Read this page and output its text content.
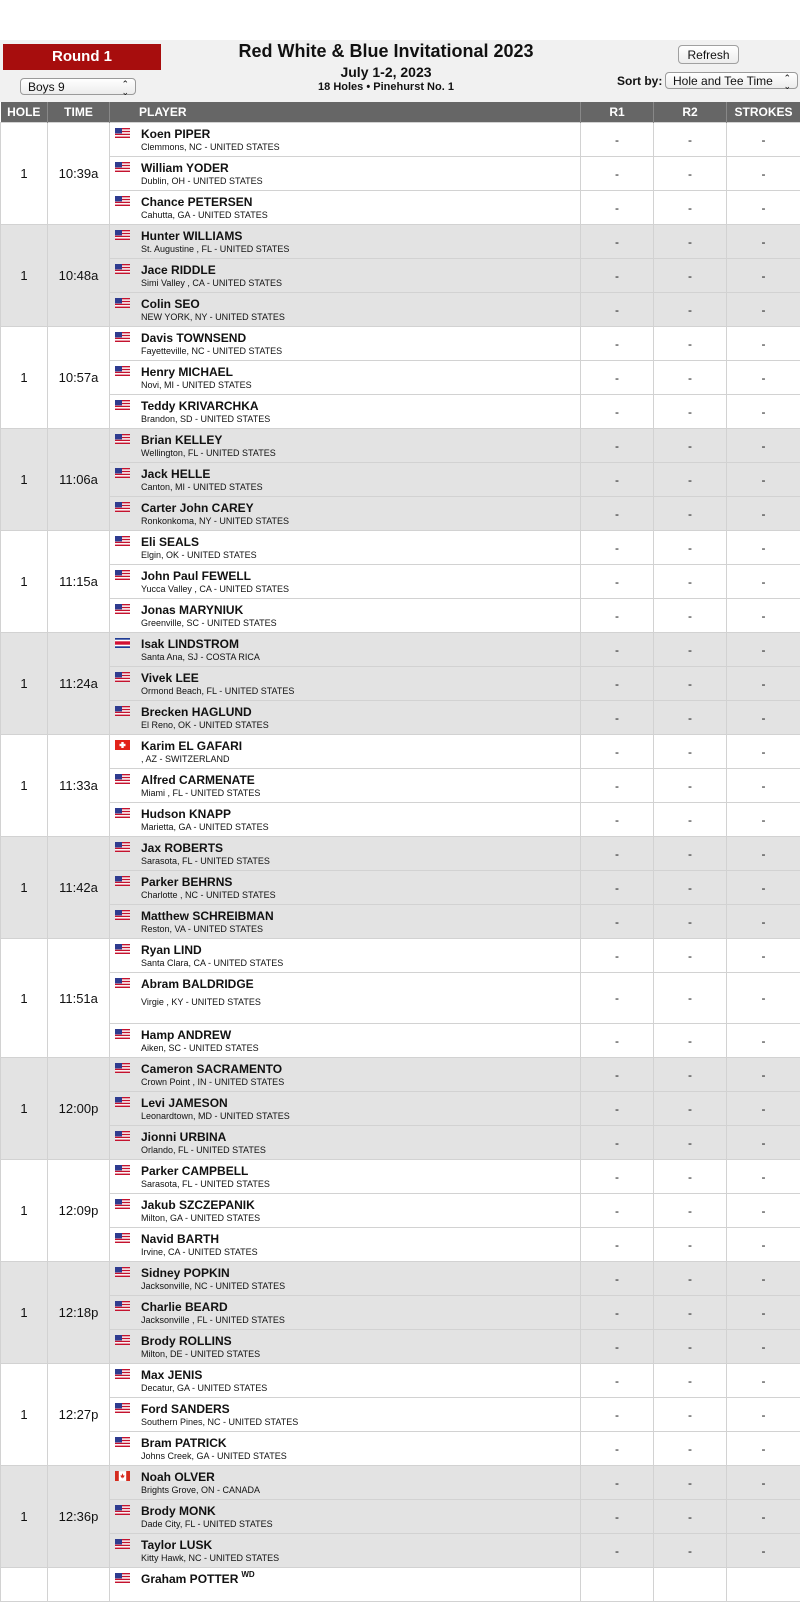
Round 1
Boys 9	⌃
⌄
Red White & Blue Invitational 2023
July 1-2, 2023
18 Holes • Pinehurst No. 1
Refresh
Sort by: Hole and Tee Time ⌃
⌄
HOLE	TIME	PLAYER	R1	R2	STROKES
1	10:39a	Koen PIPER
Clemmons, NC - UNITED STATES	-	-	-

		William YODER
Dublin, OH - UNITED STATES	-	-	-

		Chance PETERSEN
Cahutta, GA - UNITED STATES	-	-	-
1	10:48a	Hunter WILLIAMS
St. Augustine , FL - UNITED STATES	-	-	-

		Jace RIDDLE
Simi Valley , CA - UNITED STATES	-	-	-

		Colin SEO
NEW YORK, NY - UNITED STATES	-	-	-
1	10:57a	Davis TOWNSEND
Fayetteville, NC - UNITED STATES	-	-	-

		Henry MICHAEL
Novi, MI - UNITED STATES	-	-	-

		Teddy KRIVARCHKA
Brandon, SD - UNITED STATES	-	-	-
1	11:06a	Brian KELLEY
Wellington, FL - UNITED STATES	-	-	-

		Jack HELLE
Canton, MI - UNITED STATES	-	-	-

		Carter John CAREY
Ronkonkoma, NY - UNITED STATES	-	-	-
1	11:15a	Eli SEALS
Elgin, OK - UNITED STATES	-	-	-

		John Paul FEWELL
Yucca Valley , CA - UNITED STATES	-	-	-

		Jonas MARYNIUK
Greenville, SC - UNITED STATES	-	-	-
1	11:24a	Isak LINDSTROM
Santa Ana, SJ - COSTA RICA	-	-	-

		Vivek LEE
Ormond Beach, FL - UNITED STATES	-	-	-

		Brecken HAGLUND
El Reno, OK - UNITED STATES	-	-	-
1	11:33a	Karim EL GAFARI
, AZ - SWITZERLAND	-	-	-

		Alfred CARMENATE
Miami , FL - UNITED STATES	-	-	-

		Hudson KNAPP
Marietta, GA - UNITED STATES	-	-	-
1	11:42a	Jax ROBERTS
Sarasota, FL - UNITED STATES	-	-	-

		Parker BEHRNS
Charlotte , NC - UNITED STATES	-	-	-

		Matthew SCHREIBMAN
Reston, VA - UNITED STATES	-	-	-
1	11:51a	Ryan LIND
Santa Clara, CA - UNITED STATES	-	-	-

		Abram BALDRIDGE
Virgie , KY - UNITED STATES	-	-	-

		Hamp ANDREW
Aiken, SC - UNITED STATES	-	-	-
1	12:00p	Cameron SACRAMENTO
Crown Point , IN - UNITED STATES	-	-	-

		Levi JAMESON
Leonardtown, MD - UNITED STATES	-	-	-

		Jionni URBINA
Orlando, FL - UNITED STATES	-	-	-
1	12:09p	Parker CAMPBELL
Sarasota, FL - UNITED STATES	-	-	-

		Jakub SZCZEPANIK
Milton, GA - UNITED STATES	-	-	-

		Navid BARTH
Irvine, CA - UNITED STATES	-	-	-
1	12:18p	Sidney POPKIN
Jacksonville, NC - UNITED STATES	-	-	-

		Charlie BEARD
Jacksonville , FL - UNITED STATES	-	-	-

		Brody ROLLINS
Milton, DE - UNITED STATES	-	-	-
1	12:27p	Max JENIS
Decatur, GA - UNITED STATES	-	-	-

		Ford SANDERS
Southern Pines, NC - UNITED STATES	-	-	-

		Bram PATRICK
Johns Creek, GA - UNITED STATES	-	-	-
1	12:36p	Noah OLVER
Brights Grove, ON - CANADA	-	-	-

		Brody MONK
Dade City, FL - UNITED STATES	-	-	-

		Taylor LUSK
Kitty Hawk, NC - UNITED STATES	-	-	-

		Graham POTTER $^{WD}$
